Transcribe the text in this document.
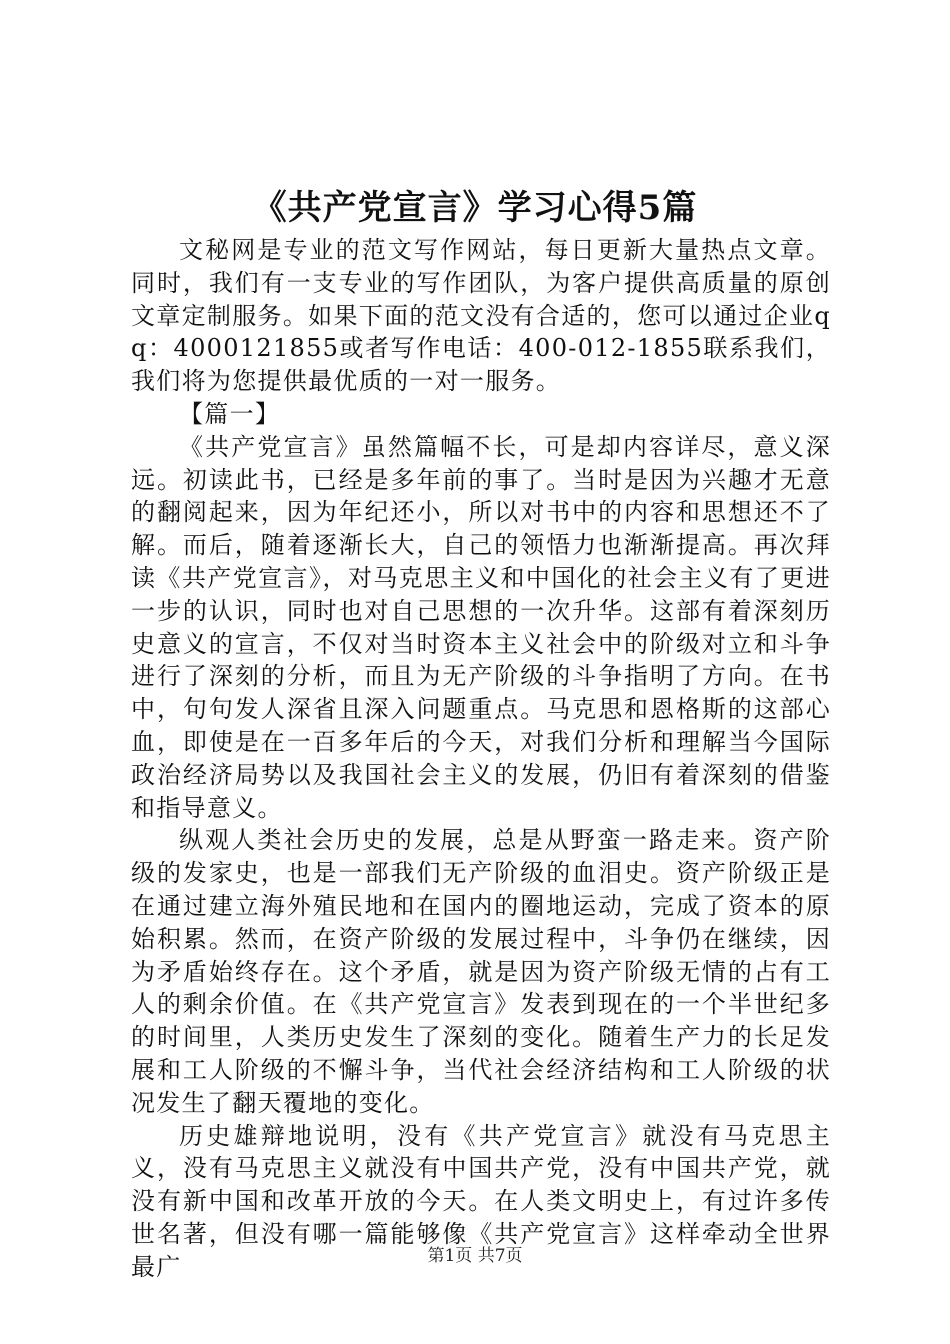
《共产党宣言》学习心得5篇

文秘网是专业的范文写作网站，每日更新大量热点文章。同时，我们有一支专业的写作团队，为客户提供高质量的原创文章定制服务。如果下面的范文没有合适的，您可以通过企业qq：4000121855或者写作电话：400-012-1855联系我们，我们将为您提供最优质的一对一服务。

【篇一】

《共产党宣言》虽然篇幅不长，可是却内容详尽，意义深远。初读此书，已经是多年前的事了。当时是因为兴趣才无意的翻阅起来，因为年纪还小，所以对书中的内容和思想还不了解。而后，随着逐渐长大，自己的领悟力也渐渐提高。再次拜读《共产党宣言》，对马克思主义和中国化的社会主义有了更进一步的认识，同时也对自己思想的一次升华。这部有着深刻历史意义的宣言，不仅对当时资本主义社会中的阶级对立和斗争进行了深刻的分析，而且为无产阶级的斗争指明了方向。在书中，句句发人深省且深入问题重点。马克思和恩格斯的这部心血，即使是在一百多年后的今天，对我们分析和理解当今国际政治经济局势以及我国社会主义的发展，仍旧有着深刻的借鉴和指导意义。

纵观人类社会历史的发展，总是从野蛮一路走来。资产阶级的发家史，也是一部我们无产阶级的血泪史。资产阶级正是在通过建立海外殖民地和在国内的圈地运动，完成了资本的原始积累。然而，在资产阶级的发展过程中，斗争仍在继续，因为矛盾始终存在。这个矛盾，就是因为资产阶级无情的占有工人的剩余价值。在《共产党宣言》发表到现在的一个半世纪多的时间里，人类历史发生了深刻的变化。随着生产力的长足发展和工人阶级的不懈斗争，当代社会经济结构和工人阶级的状况发生了翻天覆地的变化。

历史雄辩地说明，没有《共产党宣言》就没有马克思主义，没有马克思主义就没有中国共产党，没有中国共产党，就没有新中国和改革开放的今天。在人类文明史上，有过许多传世名著，但没有哪一篇能够像《共产党宣言》这样牵动全世界最广	第1页 共7页
